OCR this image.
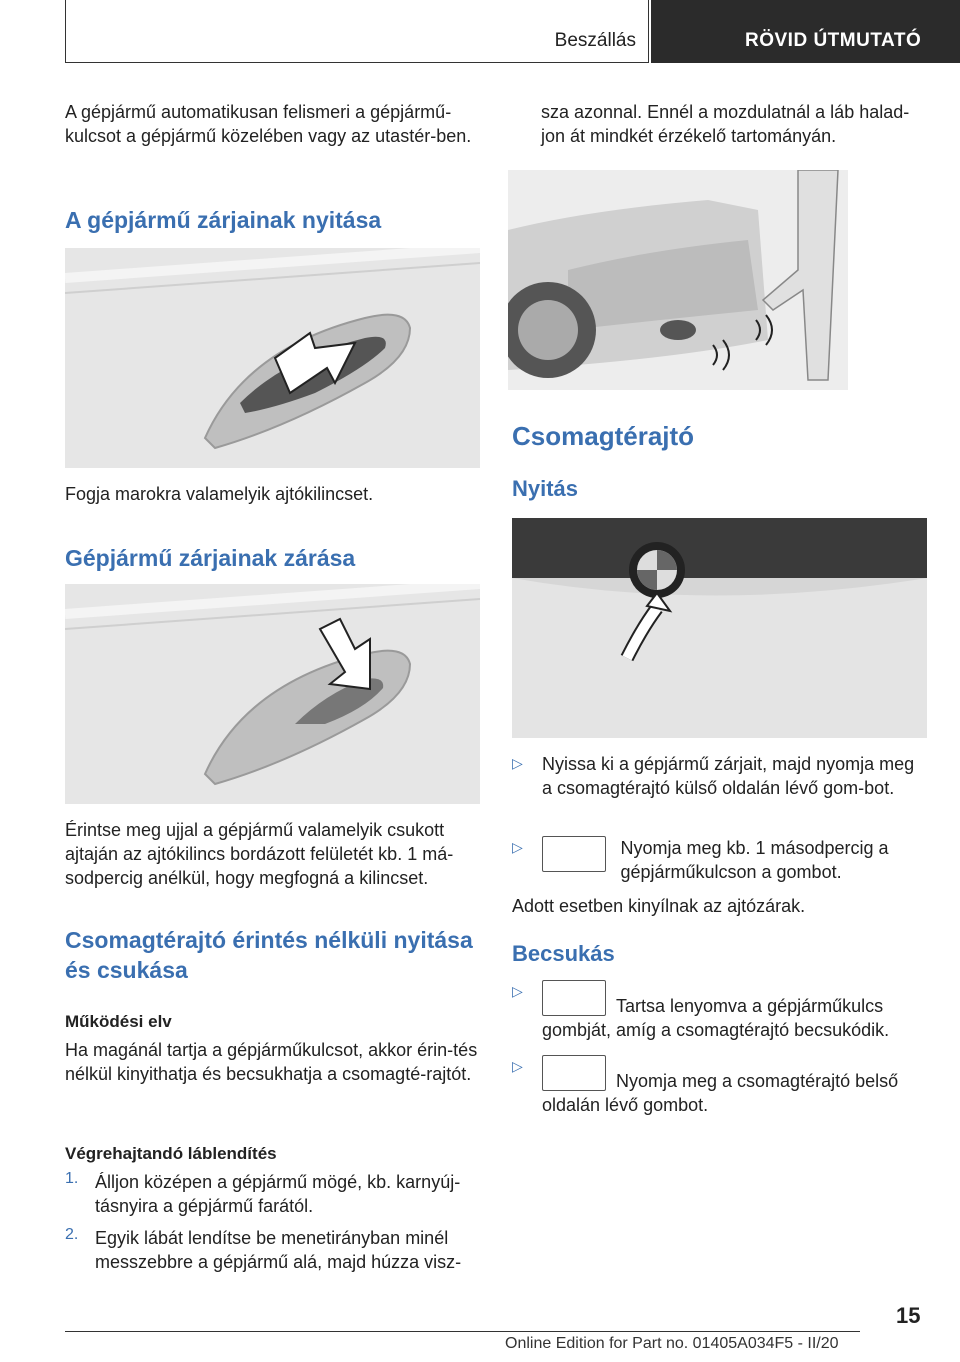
Beszállás	RÖVID ÚTMUTATÓ

A gépjármű automatikusan felismeri a gépjármű-kulcsot a gépjármű közelében vagy az utastér-ben.

A gépjármű zárjainak nyitása

Fogja marokra valamelyik ajtókilincset.

Gépjármű zárjainak zárása

Érintse meg ujjal a gépjármű valamelyik csukott ajtaján az ajtókilincs bordázott felületét kb. 1 má-sodpercig anélkül, hogy megfogná a kilincset.

Csomagtérajtó érintés nélküli nyitása és csukása
Működési elv

Ha magánál tartja a gépjárműkulcsot, akkor érin-tés nélkül kinyithatja és becsukhatja a csomagté-rajtót.

Végrehajtandó láblendítés
1. Álljon középen a gépjármű mögé, kb. karnyúj-tásnyira a gépjármű farától.

2. Egyik lábát lendítse be menetirányban minél messzebbre a gépjármű alá, majd húzza visz-

sza azonnal. Ennél a mozdulatnál a láb halad-jon át mindkét érzékelő tartományán.

Csomagtérajtó
Nyitás
▷ Nyissa ki a gépjármű zárjait, majd nyomja meg a csomagtérajtó külső oldalán lévő gom-bot.

▷
	Nyomja meg kb. 1 másodpercig a gépjárműkulcson a gombot.

Adott esetben kinyílnak az ajtózárak.

Becsukás
▷

Tartsa lenyomva a gépjárműkulcs gombját, amíg a csomagtérajtó becsukódik.

▷

Nyomja meg a csomagtérajtó belső oldalán lévő gombot.

15
Online Edition for Part no. 01405A034F5 - II/20
